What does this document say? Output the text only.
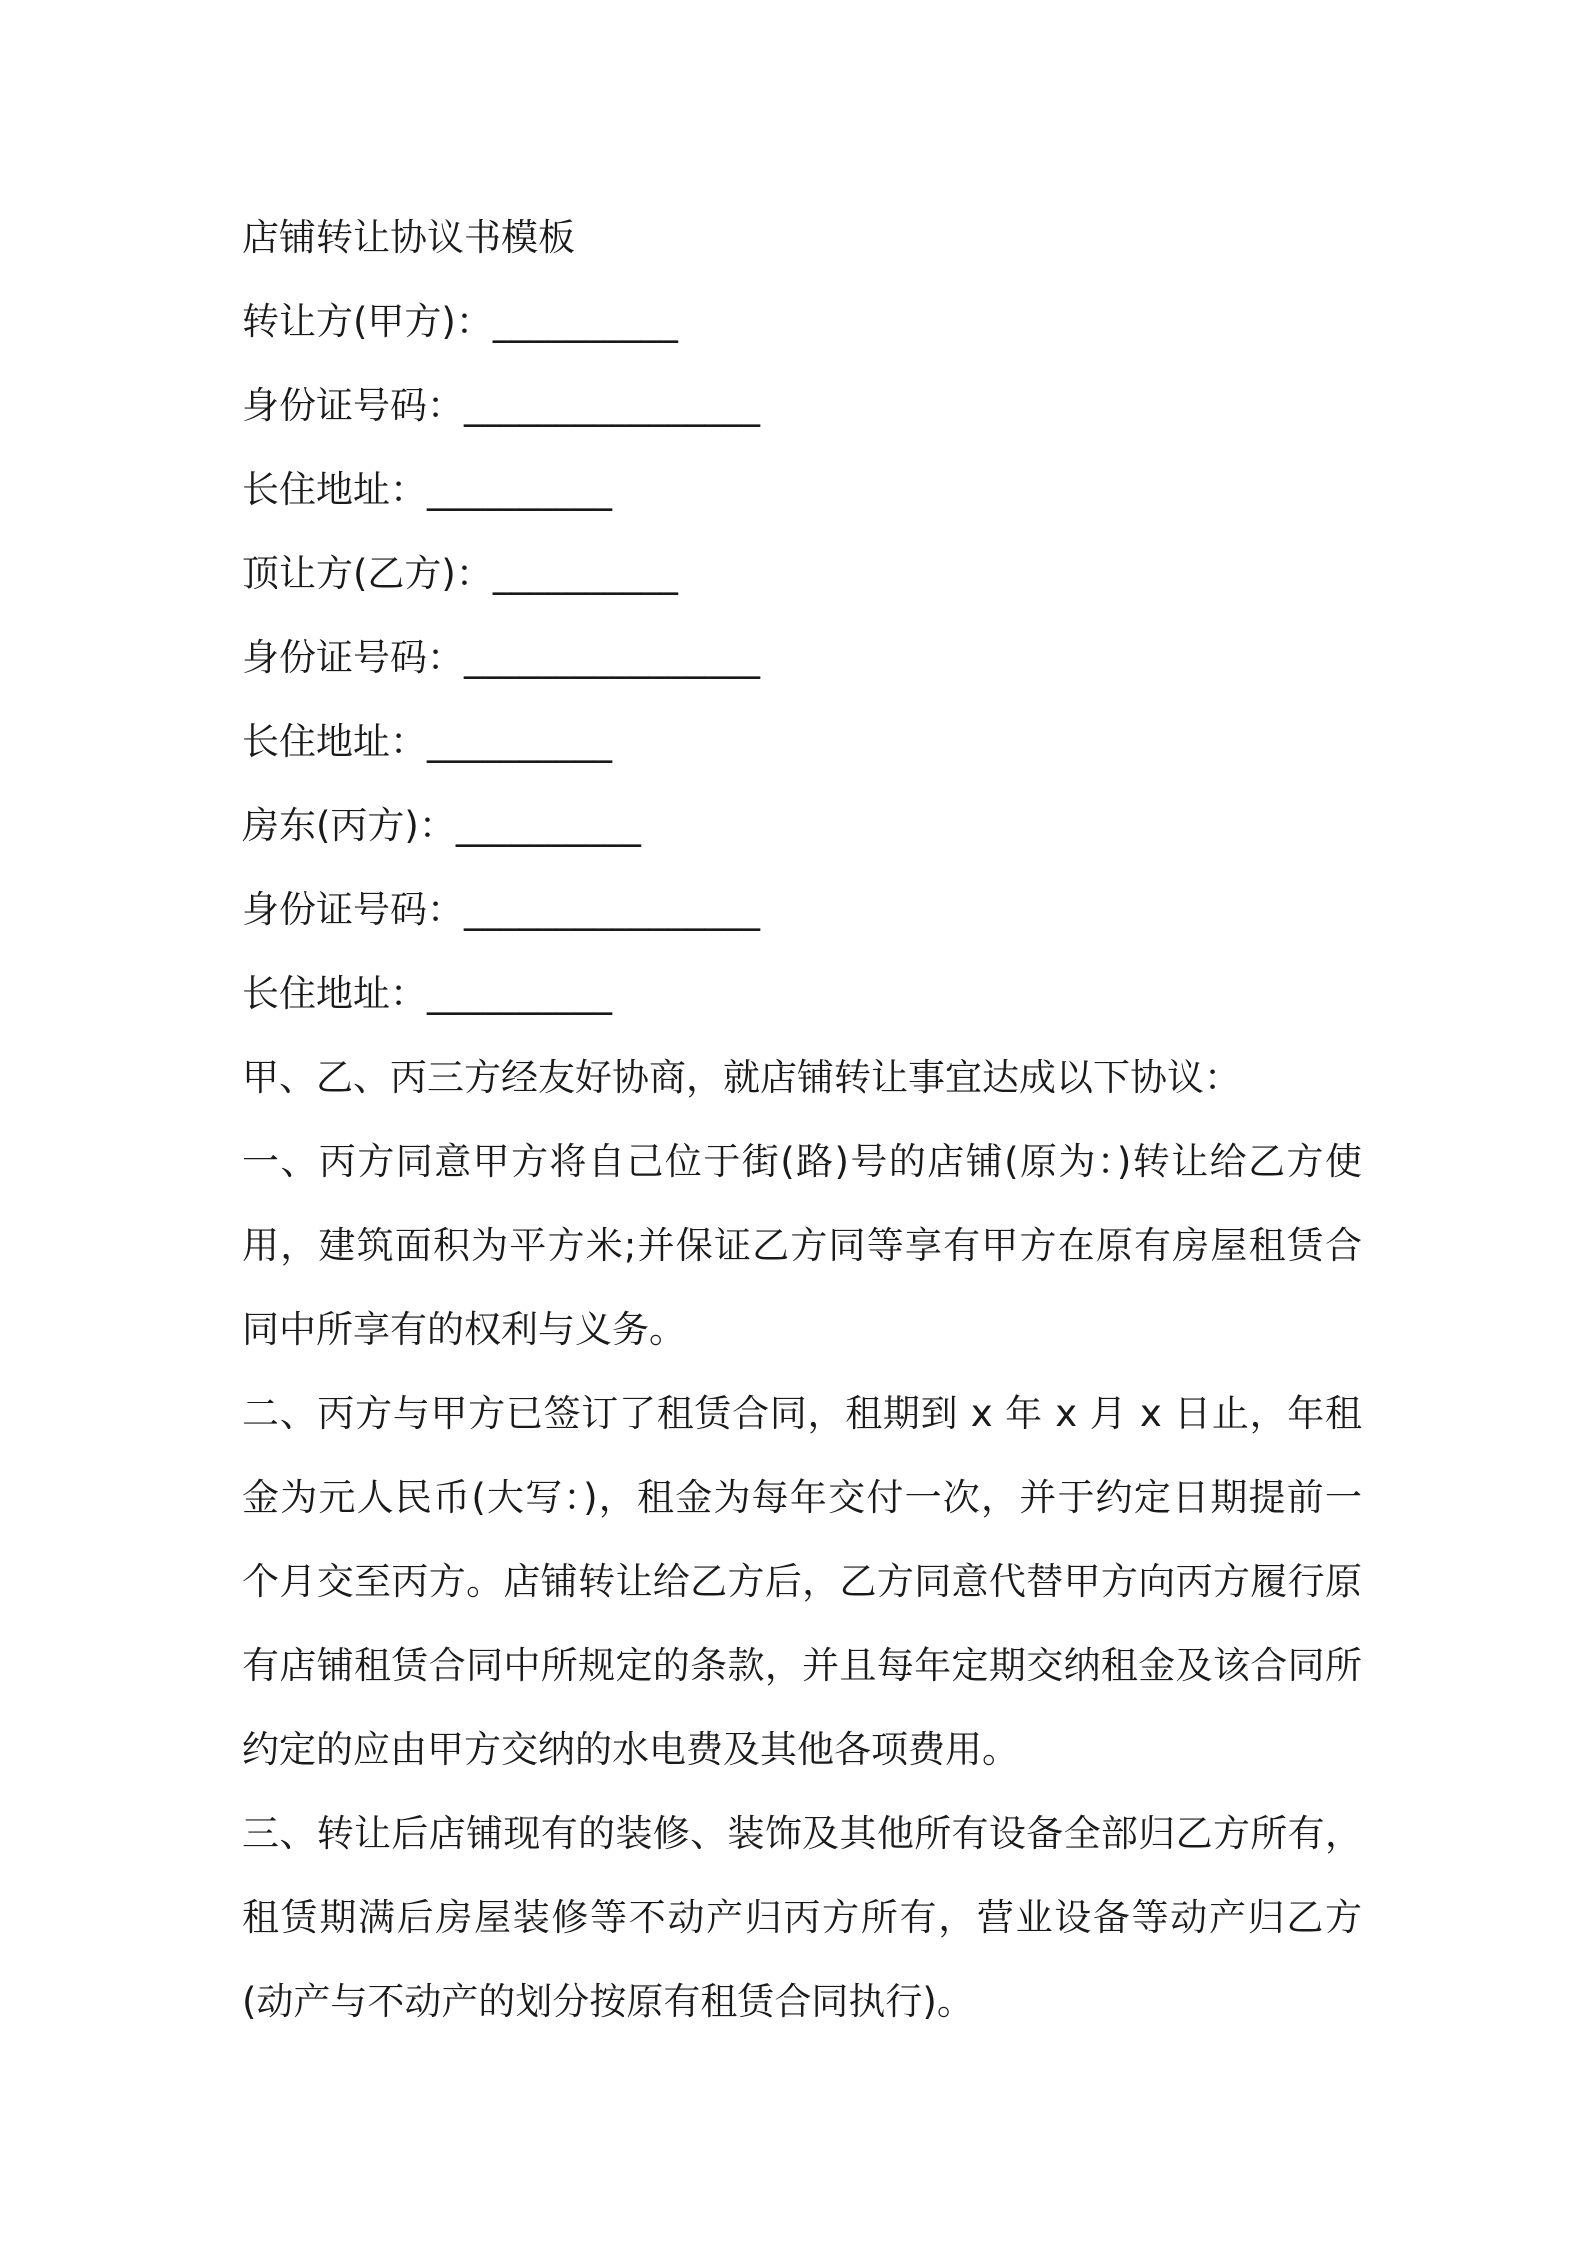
店铺转让协议书模板
转让方(甲方)：__________
身份证号码：________________
长住地址：__________
顶让方(乙方)：__________
身份证号码：________________
长住地址：__________
房东(丙方)：__________
身份证号码：________________
长住地址：__________

甲、乙、丙三方经友好协商，就店铺转让事宜达成以下协议：

一、丙方同意甲方将自己位于街(路)号的店铺(原为：)转让给乙方使用，建筑面积为平方米;并保证乙方同等享有甲方在原有房屋租赁合同中所享有的权利与义务。

二、丙方与甲方已签订了租赁合同，租期到 x 年 x 月 x 日止，年租金为元人民币(大写：)，租金为每年交付一次，并于约定日期提前一个月交至丙方。店铺转让给乙方后，乙方同意代替甲方向丙方履行原有店铺租赁合同中所规定的条款，并且每年定期交纳租金及该合同所约定的应由甲方交纳的水电费及其他各项费用。

三、转让后店铺现有的装修、装饰及其他所有设备全部归乙方所有，租赁期满后房屋装修等不动产归丙方所有，营业设备等动产归乙方(动产与不动产的划分按原有租赁合同执行)。
